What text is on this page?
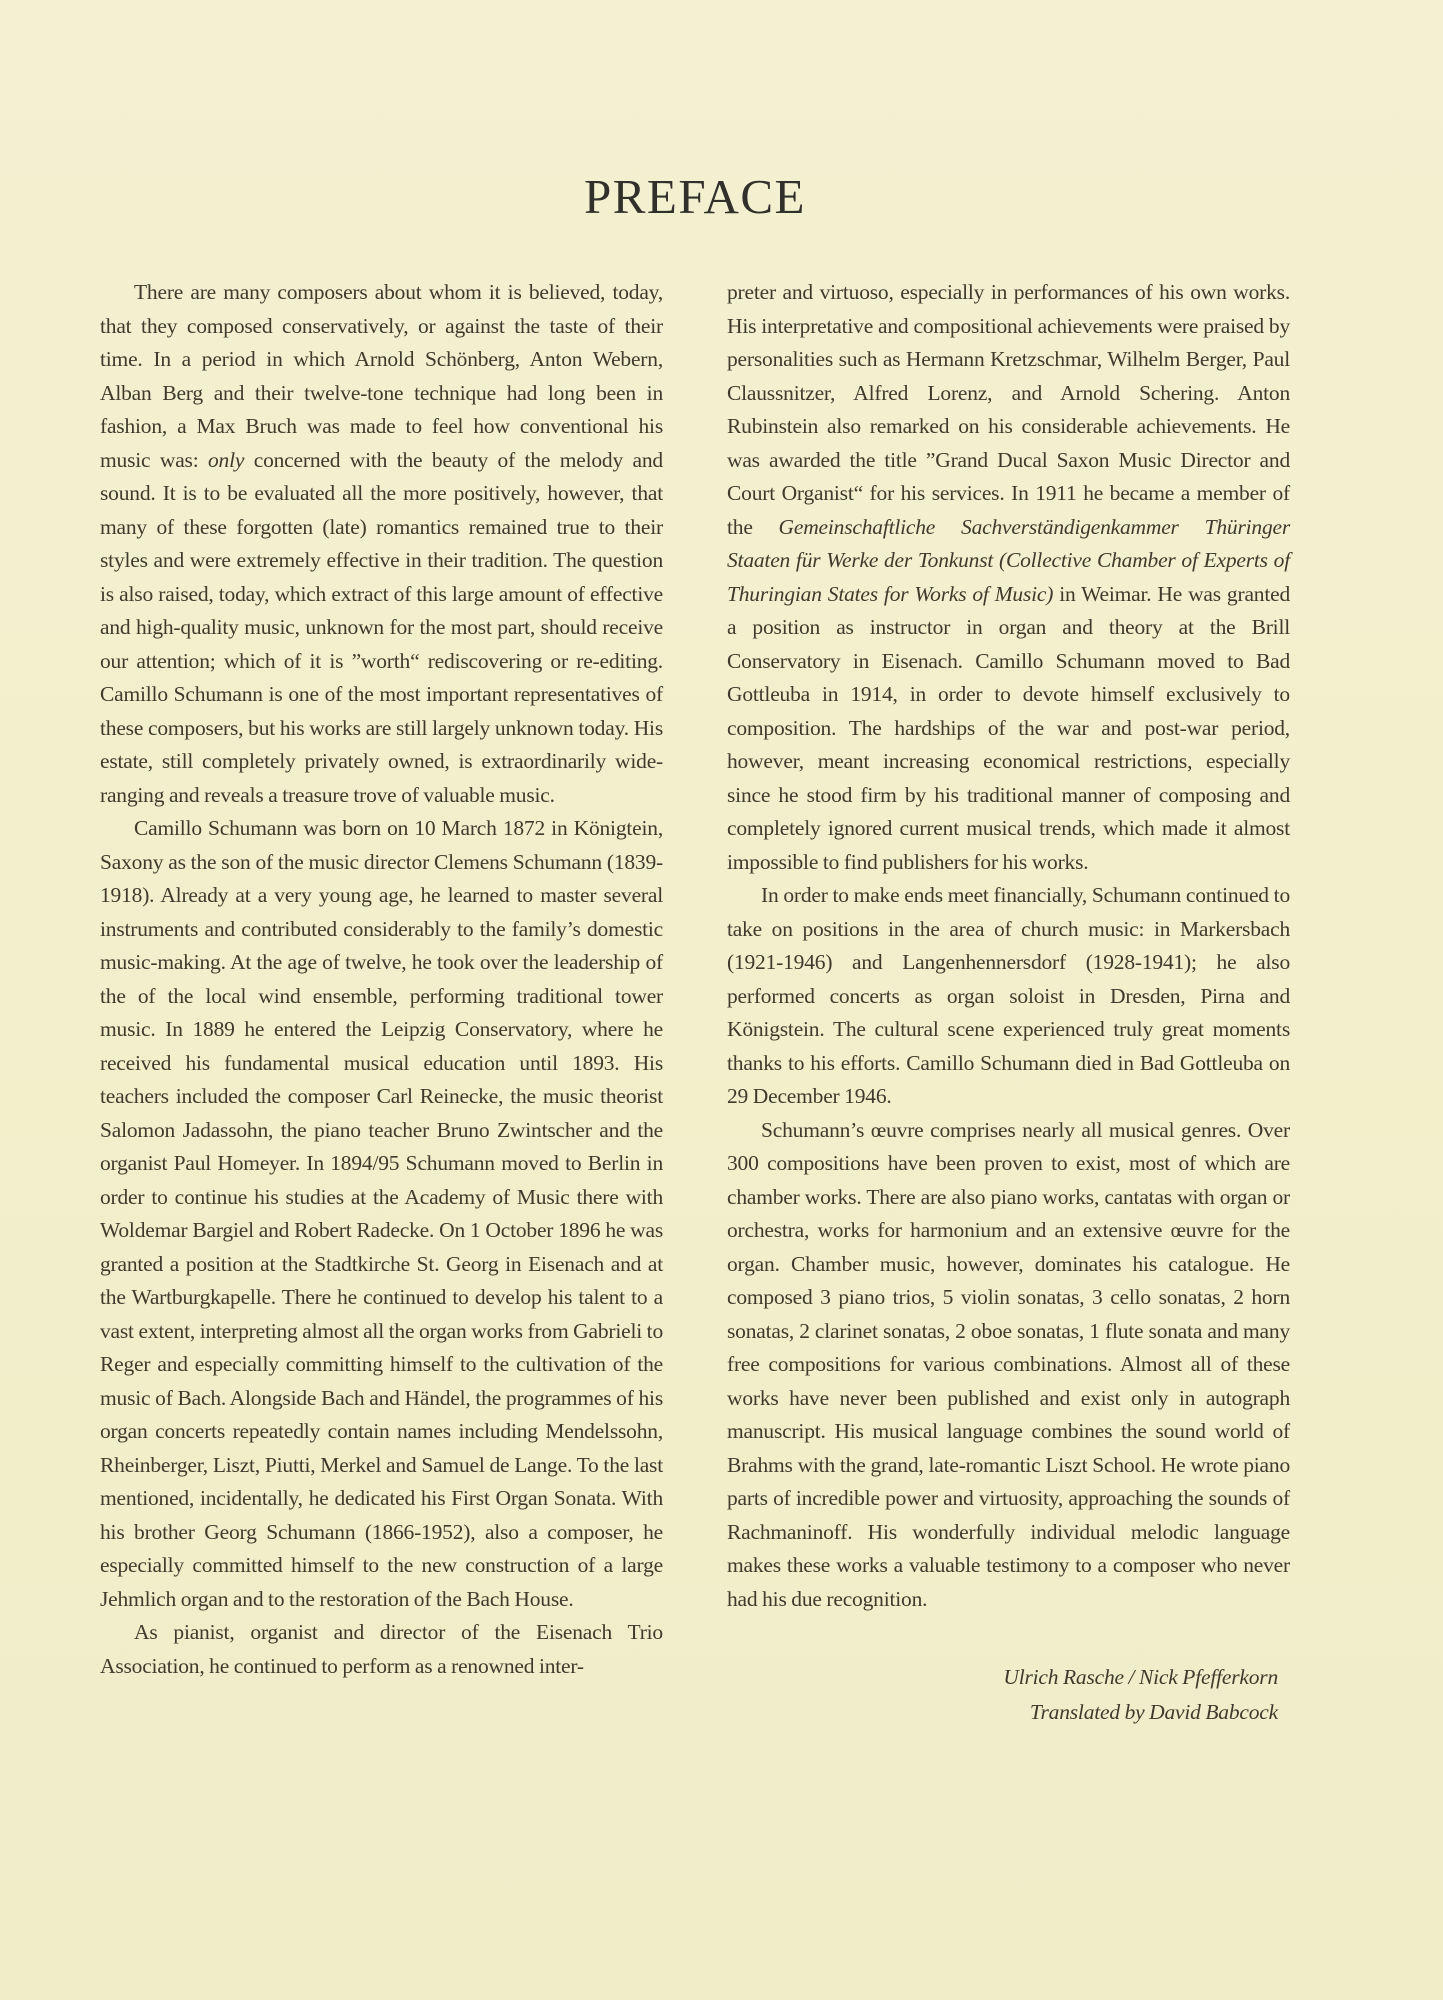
PREFACE

There are many composers about whom it is believed, today, that they composed conservatively, or against the taste of their time. In a period in which Arnold Schönberg, Anton Webern, Alban Berg and their twelve-tone technique had long been in fashion, a Max Bruch was made to feel how conventional his music was: only concerned with the beauty of the melody and sound. It is to be evaluated all the more positively, however, that many of these forgotten (late) romantics remained true to their styles and were extremely effective in their tradition. The question is also raised, today, which extract of this large amount of effective and high-quality music, unknown for the most part, should receive our attention; which of it is ”worth“ rediscovering or re-editing. Camillo Schumann is one of the most important representatives of these composers, but his works are still largely unknown today. His estate, still completely privately owned, is extraordinarily wide-ranging and reveals a treasure trove of valuable music.

Camillo Schumann was born on 10 March 1872 in Königtein, Saxony as the son of the music director Clemens Schumann (1839-1918). Already at a very young age, he learned to master several instruments and contributed considerably to the family’s domestic music-making. At the age of twelve, he took over the leadership of the of the local wind ensemble, performing traditional tower music. In 1889 he entered the Leipzig Conservatory, where he received his fundamental musical education until 1893. His teachers included the composer Carl Reinecke, the music theorist Salomon Jadassohn, the piano teacher Bruno Zwintscher and the organist Paul Homeyer. In 1894/95 Schumann moved to Berlin in order to continue his studies at the Academy of Music there with Woldemar Bargiel and Robert Radecke. On 1 October 1896 he was granted a position at the Stadtkirche St. Georg in Eisenach and at the Wartburgkapelle. There he continued to develop his talent to a vast extent, interpreting almost all the organ works from Gabrieli to Reger and especially committing himself to the cultivation of the music of Bach. Alongside Bach and Händel, the programmes of his organ concerts repeatedly contain names including Mendelssohn, Rheinberger, Liszt, Piutti, Merkel and Samuel de Lange. To the last mentioned, incidentally, he dedicated his First Organ Sonata. With his brother Georg Schumann (1866-1952), also a composer, he especially committed himself to the new construction of a large Jehmlich organ and to the restoration of the Bach House.

As pianist, organist and director of the Eisenach Trio Association, he continued to perform as a renowned inter-

preter and virtuoso, especially in performances of his own works. His interpretative and compositional achievements were praised by personalities such as Hermann Kretzschmar, Wilhelm Berger, Paul Claussnitzer, Alfred Lorenz, and Arnold Schering. Anton Rubinstein also remarked on his considerable achievements. He was awarded the title ”Grand Ducal Saxon Music Director and Court Organist“ for his services. In 1911 he became a member of the Gemeinschaftliche Sachverständigenkammer Thüringer Staaten für Werke der Tonkunst (Collective Chamber of Experts of Thuringian States for Works of Music) in Weimar. He was granted a position as instructor in organ and theory at the Brill Conservatory in Eisenach. Camillo Schumann moved to Bad Gottleuba in 1914, in order to devote himself exclusively to composition. The hardships of the war and post-war period, however, meant increasing economical restrictions, especially since he stood firm by his traditional manner of composing and completely ignored current musical trends, which made it almost impossible to find publishers for his works.

In order to make ends meet financially, Schumann continued to take on positions in the area of church music: in Markersbach (1921-1946) and Langenhennersdorf (1928-1941); he also performed concerts as organ soloist in Dresden, Pirna and Königstein. The cultural scene experienced truly great moments thanks to his efforts. Camillo Schumann died in Bad Gottleuba on 29 December 1946.

Schumann’s œuvre comprises nearly all musical genres. Over 300 compositions have been proven to exist, most of which are chamber works. There are also piano works, cantatas with organ or orchestra, works for harmonium and an extensive œuvre for the organ. Chamber music, however, dominates his catalogue. He composed 3 piano trios, 5 violin sonatas, 3 cello sonatas, 2 horn sonatas, 2 clarinet sonatas, 2 oboe sonatas, 1 flute sonata and many free compositions for various combinations. Almost all of these works have never been published and exist only in autograph manuscript. His musical language combines the sound world of Brahms with the grand, late-romantic Liszt School. He wrote piano parts of incredible power and virtuosity, approaching the sounds of Rachmaninoff. His wonderfully individual melodic language makes these works a valuable testimony to a composer who never had his due recognition.

Ulrich Rasche / Nick Pfefferkorn
Translated by David Babcock
